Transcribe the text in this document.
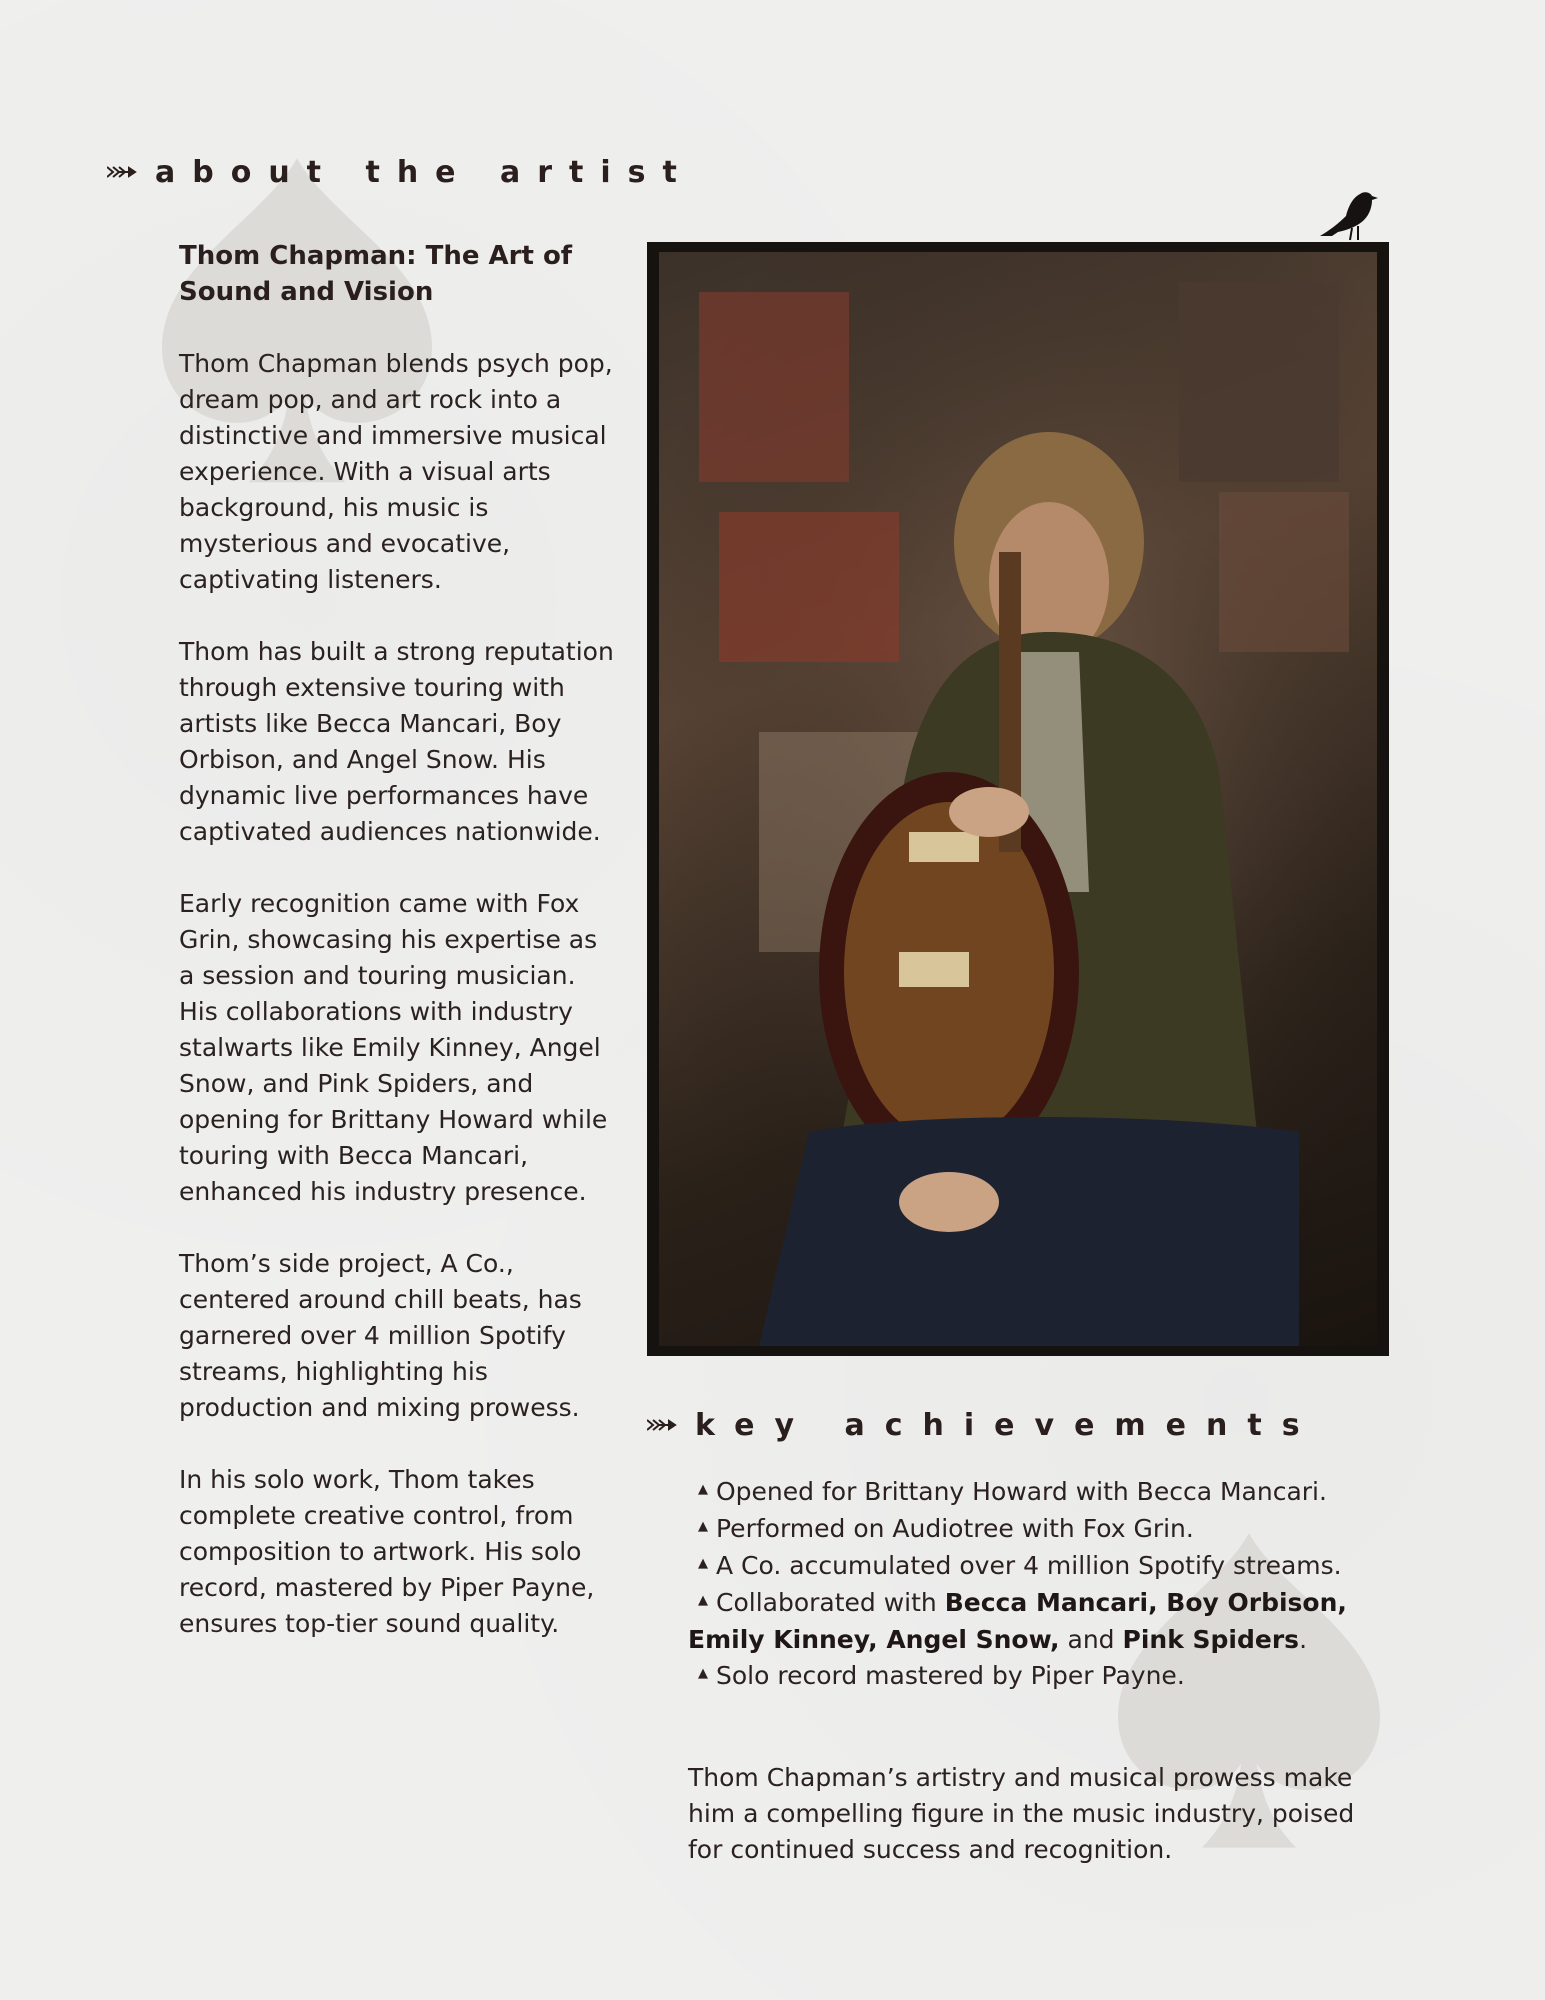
about the artist
Thom Chapman: The Art of Sound and Vision

Thom Chapman blends psych pop, dream pop, and art rock into a distinctive and immersive musical experience. With a visual arts background, his music is mysterious and evocative, captivating listeners.

Thom has built a strong reputation through extensive touring with artists like Becca Mancari, Boy Orbison, and Angel Snow. His dynamic live performances have captivated audiences nationwide.

Early recognition came with Fox Grin, showcasing his expertise as a session and touring musician. His collaborations with industry stalwarts like Emily Kinney, Angel Snow, and Pink Spiders, and opening for Brittany Howard while touring with Becca Mancari, enhanced his industry presence.

Thom’s side project, A Co., centered around chill beats, has garnered over 4 million Spotify streams, highlighting his production and mixing prowess.

In his solo work, Thom takes complete creative control, from composition to artwork. His solo record, mastered by Piper Payne, ensures top-tier sound quality.

key achievements
▲ Opened for Brittany Howard with Becca Mancari.
▲ Performed on Audiotree with Fox Grin.
▲ A Co. accumulated over 4 million Spotify streams.
▲ Collaborated with Becca Mancari, Boy Orbison, Emily Kinney, Angel Snow, and Pink Spiders.
▲ Solo record mastered by Piper Payne.

Thom Chapman’s artistry and musical prowess make him a compelling figure in the music industry, poised for continued success and recognition.
